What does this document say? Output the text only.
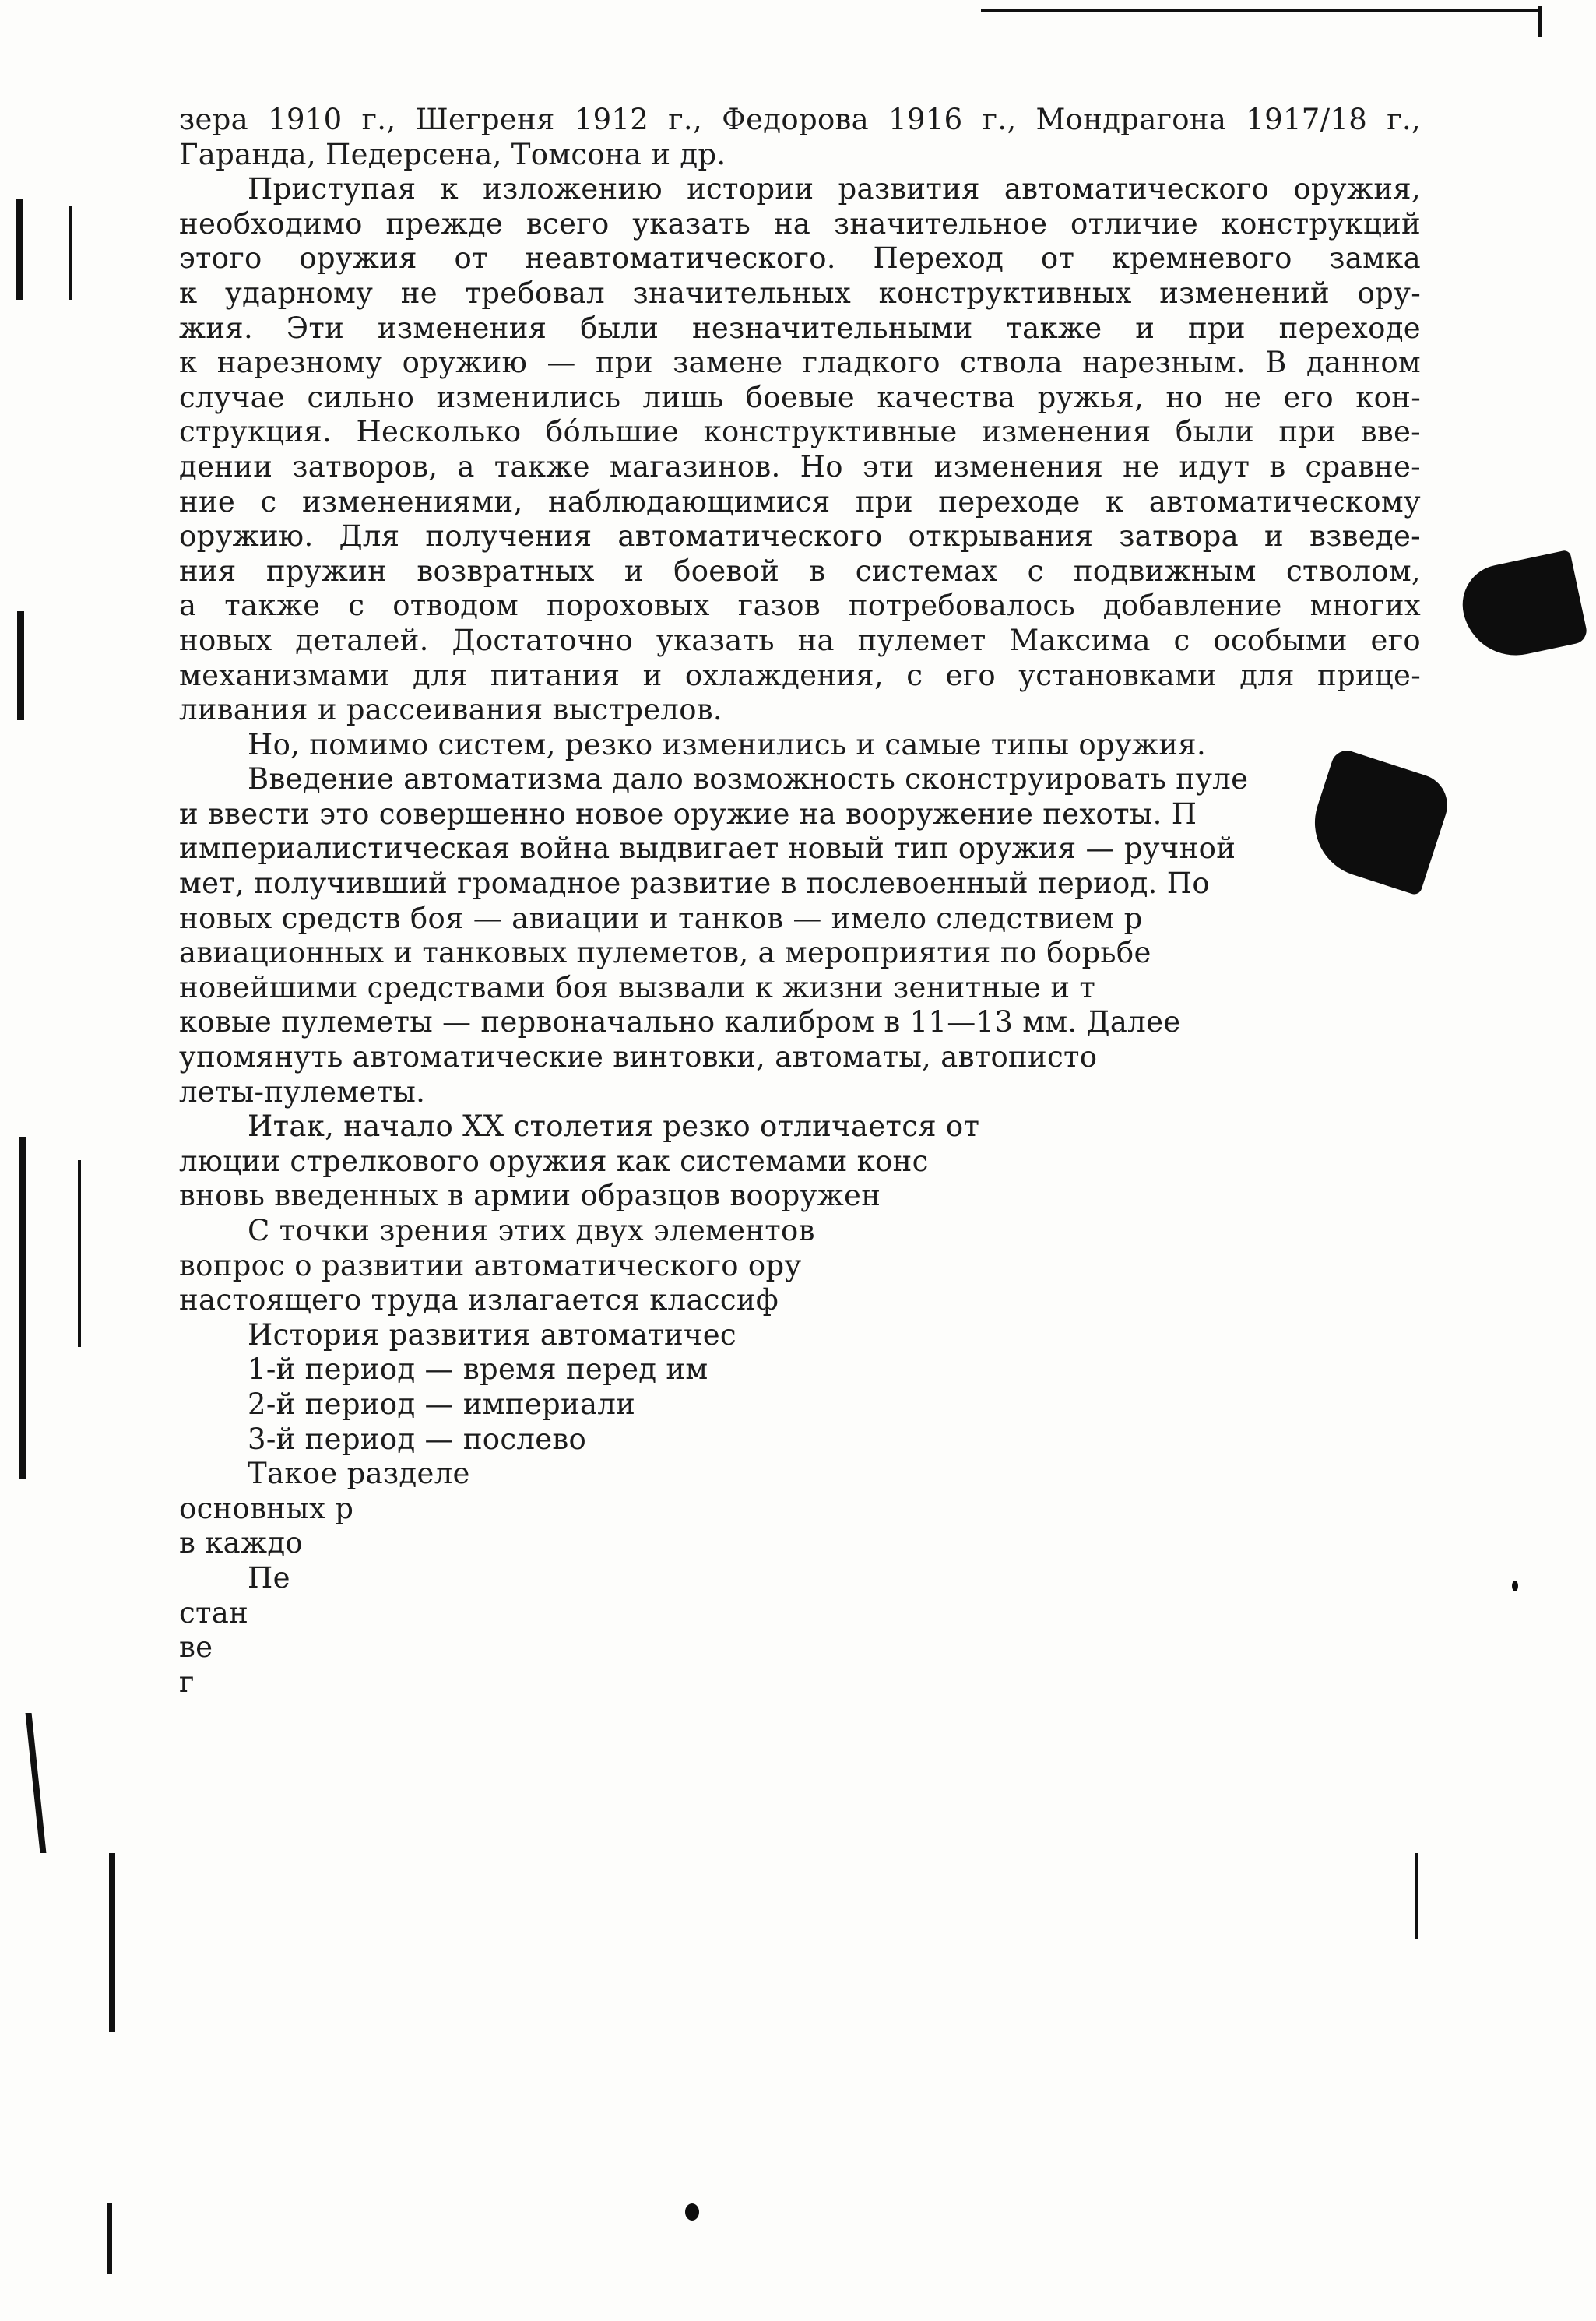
зера 1910 г., Шегреня 1912 г., Федорова 1916 г., Мондрагона 1917/18 г.,
Гаранда, Педерсена, Томсона и др.
Приступая к изложению истории развития автоматического оружия,
необходимо прежде всего указать на значительное отличие конструкций
этого оружия от неавтоматического. Переход от кремневого замка
к ударному не требовал значительных конструктивных изменений ору-
жия. Эти изменения были незначительными также и при переходе
к нарезному оружию — при замене гладкого ствола нарезным. В данном
случае сильно изменились лишь боевые качества ружья, но не его кон-
струкция. Несколько бо́льшие конструктивные изменения были при вве-
дении затворов, а также магазинов. Но эти изменения не идут в сравне-
ние с изменениями, наблюдающимися при переходе к автоматическому
оружию. Для получения автоматического открывания затвора и взведе-
ния пружин возвратных и боевой в системах с подвижным стволом,
а также с отводом пороховых газов потребовалось добавление многих
новых деталей. Достаточно указать на пулемет Максима с особыми его
механизмами для питания и охлаждения, с его установками для прице-
ливания и рассеивания выстрелов.
Но, помимо систем, резко изменились и самые типы оружия.
Введение автоматизма дало возможность сконструировать пуле
и ввести это совершенно новое оружие на вооружение пехоты. П
империалистическая война выдвигает новый тип оружия — ручной
мет, получивший громадное развитие в послевоенный период. По
новых средств боя — авиации и танков — имело следствием р
авиационных и танковых пулеметов, а мероприятия по борьбе
новейшими средствами боя вызвали к жизни зенитные и т
ковые пулеметы — первоначально калибром в 11—13 мм. Далее
упомянуть автоматические винтовки, автоматы, автописто
леты-пулеметы.
Итак, начало XX столетия резко отличается от
люции стрелкового оружия как системами конс
вновь введенных в армии образцов вооружен
С точки зрения этих двух элементов
вопрос о развитии автоматического ору
настоящего труда излагается классиф
История развития автоматичес
1-й период — время перед им
2-й период — империали
3-й период — послево
Такое разделе
основных р
в каждо
Пе
стан
ве
г
